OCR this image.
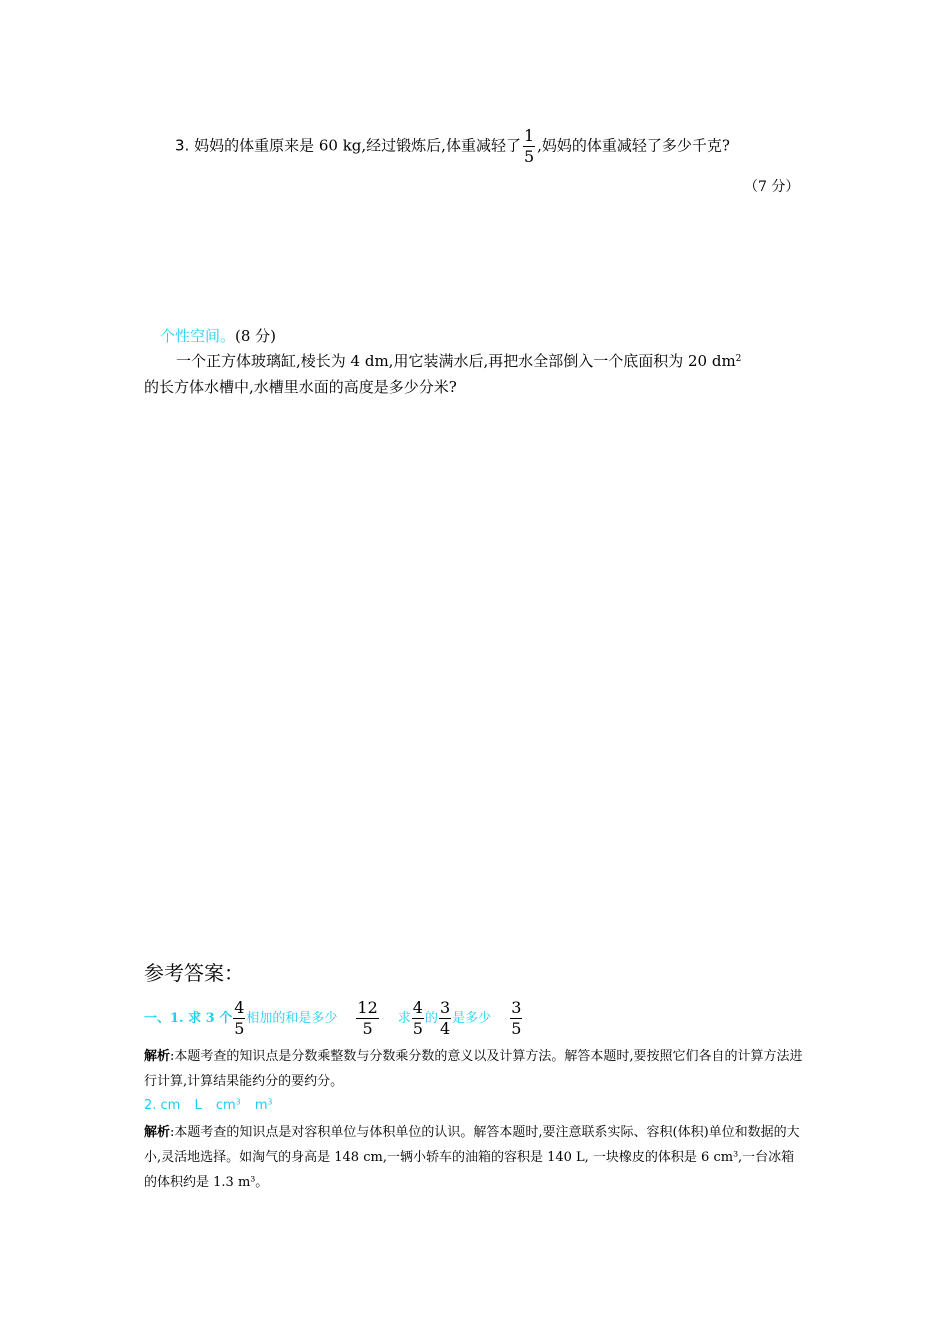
3. 妈妈的体重原来是 60 kg,经过锻炼后,体重减轻了 $\frac{1}{5}$ ,妈妈的体重减轻了多少千克?
（7 分）
个性空间。(8 分)
一个正方体玻璃缸,棱长为 4 dm,用它装满水后,再把水全部倒入一个底面积为 20 $dm^2$
的长方体水槽中,水槽里水面的高度是多少分米?
参考答案：
一、1. 求 3 个 $\frac{4}{5}$ 相加的和是多少 $\frac{12}{5}$ 求 $\frac{4}{5}$ 的 $\frac{3}{4}$ 是多少 $\frac{3}{5}$
解析:本题考查的知识点是分数乘整数与分数乘分数的意义以及计算方法。解答本题时,要按照它们各自的计算方法进行计算,计算结果能约分的要约分。
2. cm L $cm^3$ $m^3$
解析:本题考查的知识点是对容积单位与体积单位的认识。解答本题时,要注意联系实际、容积(体积)单位和数据的大小,灵活地选择。如淘气的身高是 148 cm,一辆小轿车的油箱的容积是 140 L, 一块橡皮的体积是 6 $cm^3$,一台冰箱的体积约是 1.3 $m^3$。
